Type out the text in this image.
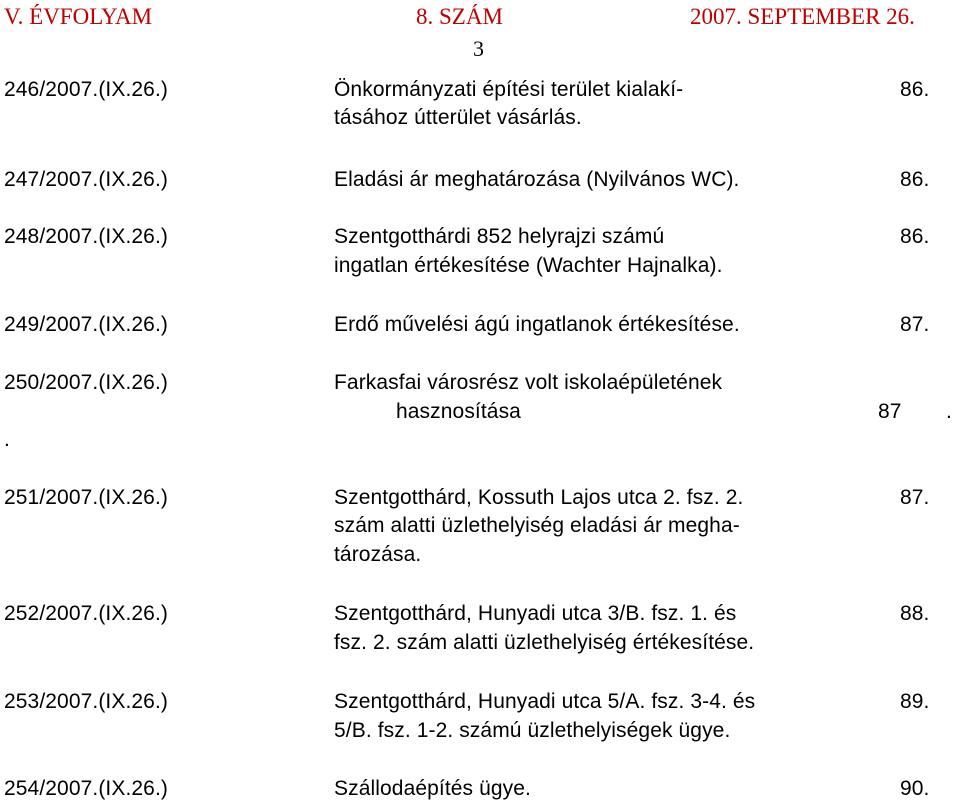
V. ÉVFOLYAM	8. SZÁM	2007. SEPTEMBER 26.
3
246/2007.(IX.26.)	Önkormányzati építési terület kialakí-
tásához útterület vásárlás.
86.
247/2007.(IX.26.)	Eladási ár meghatározása (Nyilvános WC).	86.
248/2007.(IX.26.)	Szentgotthárdi 852 helyrajzi számú
ingatlan értékesítése (Wachter Hajnalka).
86.
249/2007.(IX.26.)	Erdő művelési ágú ingatlanok értékesítése.	87.
250/2007.(IX.26.)	Farkasfai városrész volt iskolaépületének
hasznosítása	87 .
.
251/2007.(IX.26.)	Szentgotthárd, Kossuth Lajos utca 2. fsz. 2.
szám alatti üzlethelyiség eladási ár megha-
tározása.
87.
252/2007.(IX.26.)	Szentgotthárd, Hunyadi utca 3/B. fsz. 1. és
fsz. 2. szám alatti üzlethelyiség értékesítése.
88.
253/2007.(IX.26.)	Szentgotthárd, Hunyadi utca 5/A. fsz. 3-4. és
5/B. fsz. 1-2. számú üzlethelyiségek ügye.
89.
254/2007.(IX.26.)	Szállodaépítés ügye.	90.
